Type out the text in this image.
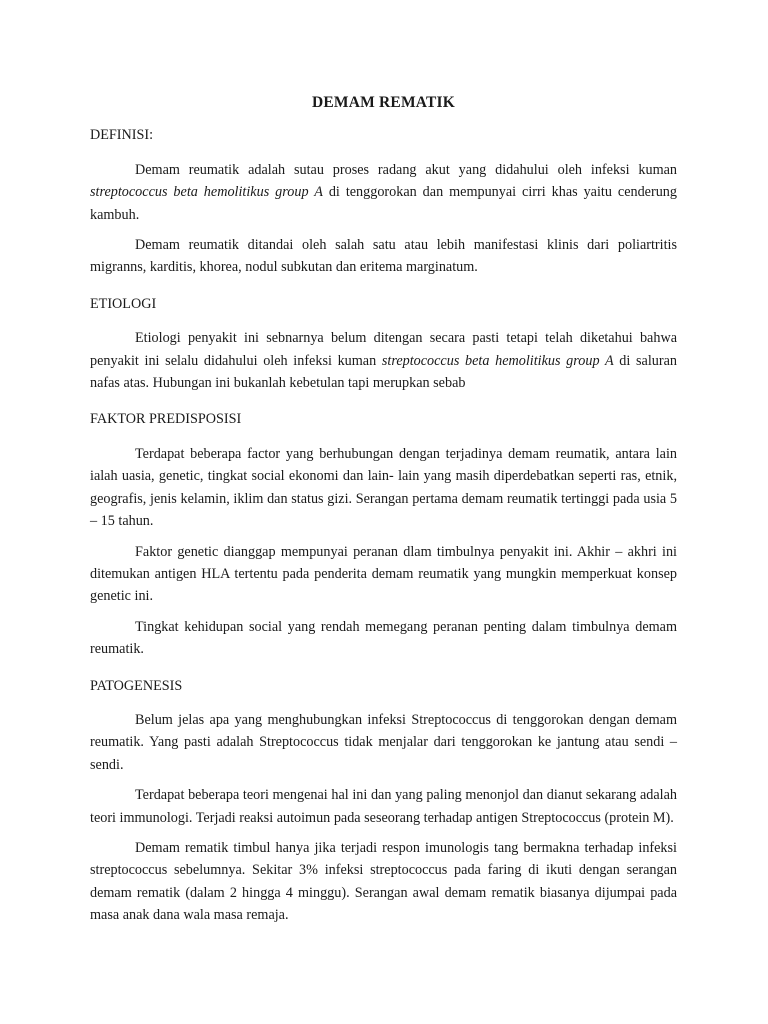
DEMAM REMATIK
DEFINISI:

Demam reumatik adalah sutau proses radang akut yang didahului oleh infeksi kuman streptococcus beta hemolitikus group A di tenggorokan dan mempunyai cirri khas yaitu cenderung kambuh.

Demam reumatik ditandai oleh salah satu atau lebih manifestasi klinis dari poliartritis migranns, karditis, khorea, nodul subkutan dan eritema marginatum.

ETIOLOGI

Etiologi penyakit ini sebnarnya belum ditengan secara pasti tetapi telah diketahui bahwa penyakit ini selalu didahului oleh infeksi kuman streptococcus beta hemolitikus group A di saluran nafas atas. Hubungan ini bukanlah kebetulan tapi merupkan sebab

FAKTOR PREDISPOSISI

Terdapat beberapa factor yang berhubungan dengan terjadinya demam reumatik, antara lain ialah uasia, genetic, tingkat social ekonomi dan lain- lain yang masih diperdebatkan seperti ras, etnik, geografis, jenis kelamin, iklim dan status gizi. Serangan pertama demam reumatik tertinggi pada usia 5 – 15 tahun.

Faktor genetic dianggap mempunyai peranan dlam timbulnya penyakit ini. Akhir – akhri ini ditemukan antigen HLA tertentu pada penderita demam reumatik yang mungkin memperkuat konsep genetic ini.

Tingkat kehidupan social yang rendah memegang peranan penting dalam timbulnya demam reumatik.

PATOGENESIS

Belum jelas apa yang menghubungkan infeksi Streptococcus di tenggorokan dengan demam reumatik. Yang pasti adalah Streptococcus tidak menjalar dari tenggorokan ke jantung atau sendi – sendi.

Terdapat beberapa teori mengenai hal ini dan yang paling menonjol dan dianut sekarang adalah teori immunologi. Terjadi reaksi autoimun pada seseorang terhadap antigen Streptococcus (protein M).

Demam rematik timbul hanya jika terjadi respon imunologis tang bermakna terhadap infeksi streptococcus sebelumnya. Sekitar 3% infeksi streptococcus pada faring di ikuti dengan serangan demam rematik (dalam 2 hingga 4 minggu). Serangan awal demam rematik biasanya dijumpai pada masa anak dana wala masa remaja.
